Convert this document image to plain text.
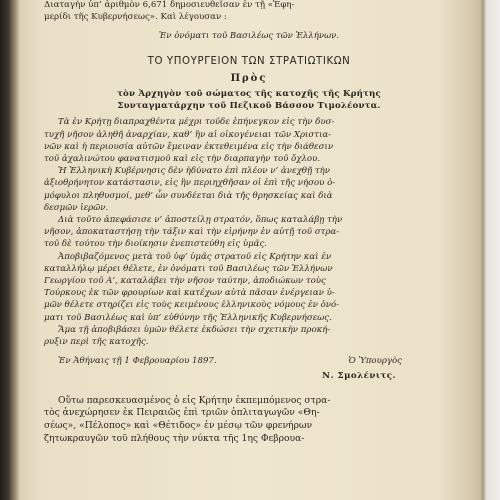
Διαταγὴν ὑπ’ ἀριθμὸν 6,671 δημοσιευθεῖσαν ἐν τῇ «Ἐφη-

μερίδι τῆς Κυβερνήσεως». Καὶ λέγουσαν :

Ἐν ὀνόματι τοῦ Βασιλέως τῶν Ἑλλήνων.

ΤΟ ΥΠΟΥΡΓΕΙΟΝ ΤΩΝ ΣΤΡΑΤΙΩΤΙΚΩΝ

Πρὸς

τὸν Ἀρχηγὸν τοῦ σώματος τῆς κατοχῆς τῆς Κρήτης

Συνταγματάρχην τοῦ Πεζικοῦ Βάσσον Τιμολέοντα.

Τὰ ἐν Κρήτῃ διαπραχθέντα μέχρι τοῦδε ἐπήνεγκον εἰς τὴν δυσ-

τυχῆ νῆσον ἀληθῆ ἀναρχίαν, καθ’ ἣν αἱ οἰκογένειαι τῶν Χριστια-

νῶν καὶ ἡ περιουσία αὐτῶν ἔμειναν ἐκτεθειμένα εἰς τὴν διάθεσιν

τοῦ ἀχαλινώτου φανατισμοῦ καὶ εἰς τὴν διαρπαγὴν τοῦ ὄχλου.

Ἡ Ἑλληνικὴ Κυβέρνησις δὲν ἠδύνατο ἐπὶ πλέον ν’ ἀνεχθῇ τὴν

ἀξιοθρήνητον κατάστασιν, εἰς ἣν περιηχθῆσαν οἱ ἐπὶ τῆς νήσου ὁ-

μόφυλοι πληθυσμοί, μεθ’ ὧν συνδέεται διὰ τῆς θρησκείας καὶ διὰ

δεσμῶν ἱερῶν.

Διὰ τοῦτο ἀπεφάσισε ν’ ἀποστείλῃ στρατόν, ὅπως καταλάβῃ τὴν

νῆσον, ἀποκαταστήσῃ τὴν τάξιν καὶ τὴν εἰρήνην ἐν αὐτῇ τοῦ στρα-

τοῦ δὲ τούτου τὴν διοίκησιν ἐνεπιστεύθη εἰς ὑμᾶς.

Ἀποβιβαζόμενος μετὰ τοῦ ὑφ’ ὑμᾶς στρατοῦ εἰς Κρήτην καὶ ἐν

καταλλήλῳ μέρει θέλετε, ἐν ὀνόματι τοῦ Βασιλέως τῶν Ἑλλήνων

Γεωργίου τοῦ Α’, καταλάβει τὴν νῆσον ταύτην, ἀποδιώκων τοὺς

Τούρκους ἐκ τῶν φρουρίων καὶ κατέχων αὐτὰ πᾶσαν ἐνέργειαν ὑ-

μῶν θέλετε στηρίζει εἰς τοὺς κειμένους ἑλληνικοὺς νόμους ἐν ὀνό-

ματι τοῦ Βασιλέως καὶ ὑπ’ εὐθύνην τῆς Ἑλληνικῆς Κυβερνήσεως.

Ἅμα τῇ ἀποβιβάσει ὑμῶν θέλετε ἐκδώσει τὴν σχετικὴν προκή-

ρυξιν περὶ τῆς κατοχῆς.

Ἐν Ἀθήναις τῇ 1 Φεβρουαρίου 1897.	Ὁ Ὑπουργὸς

Ν. Σμολένιτς.

Οὕτω παρεσκευασμένος ὁ εἰς Κρήτην ἐκπεμπόμενος στρα-

τὸς ἀνεχώρησεν ἐκ Πειραιῶς ἐπὶ τριῶν ὁπλιταγωγῶν «Θη-

σέως», «Πέλοπος» καὶ «Θέτιδος» ἐν μέσῳ τῶν φρενήρων

ζητωκραυγῶν τοῦ πλήθους τὴν νύκτα τῆς 1ης Φεβρουα-
